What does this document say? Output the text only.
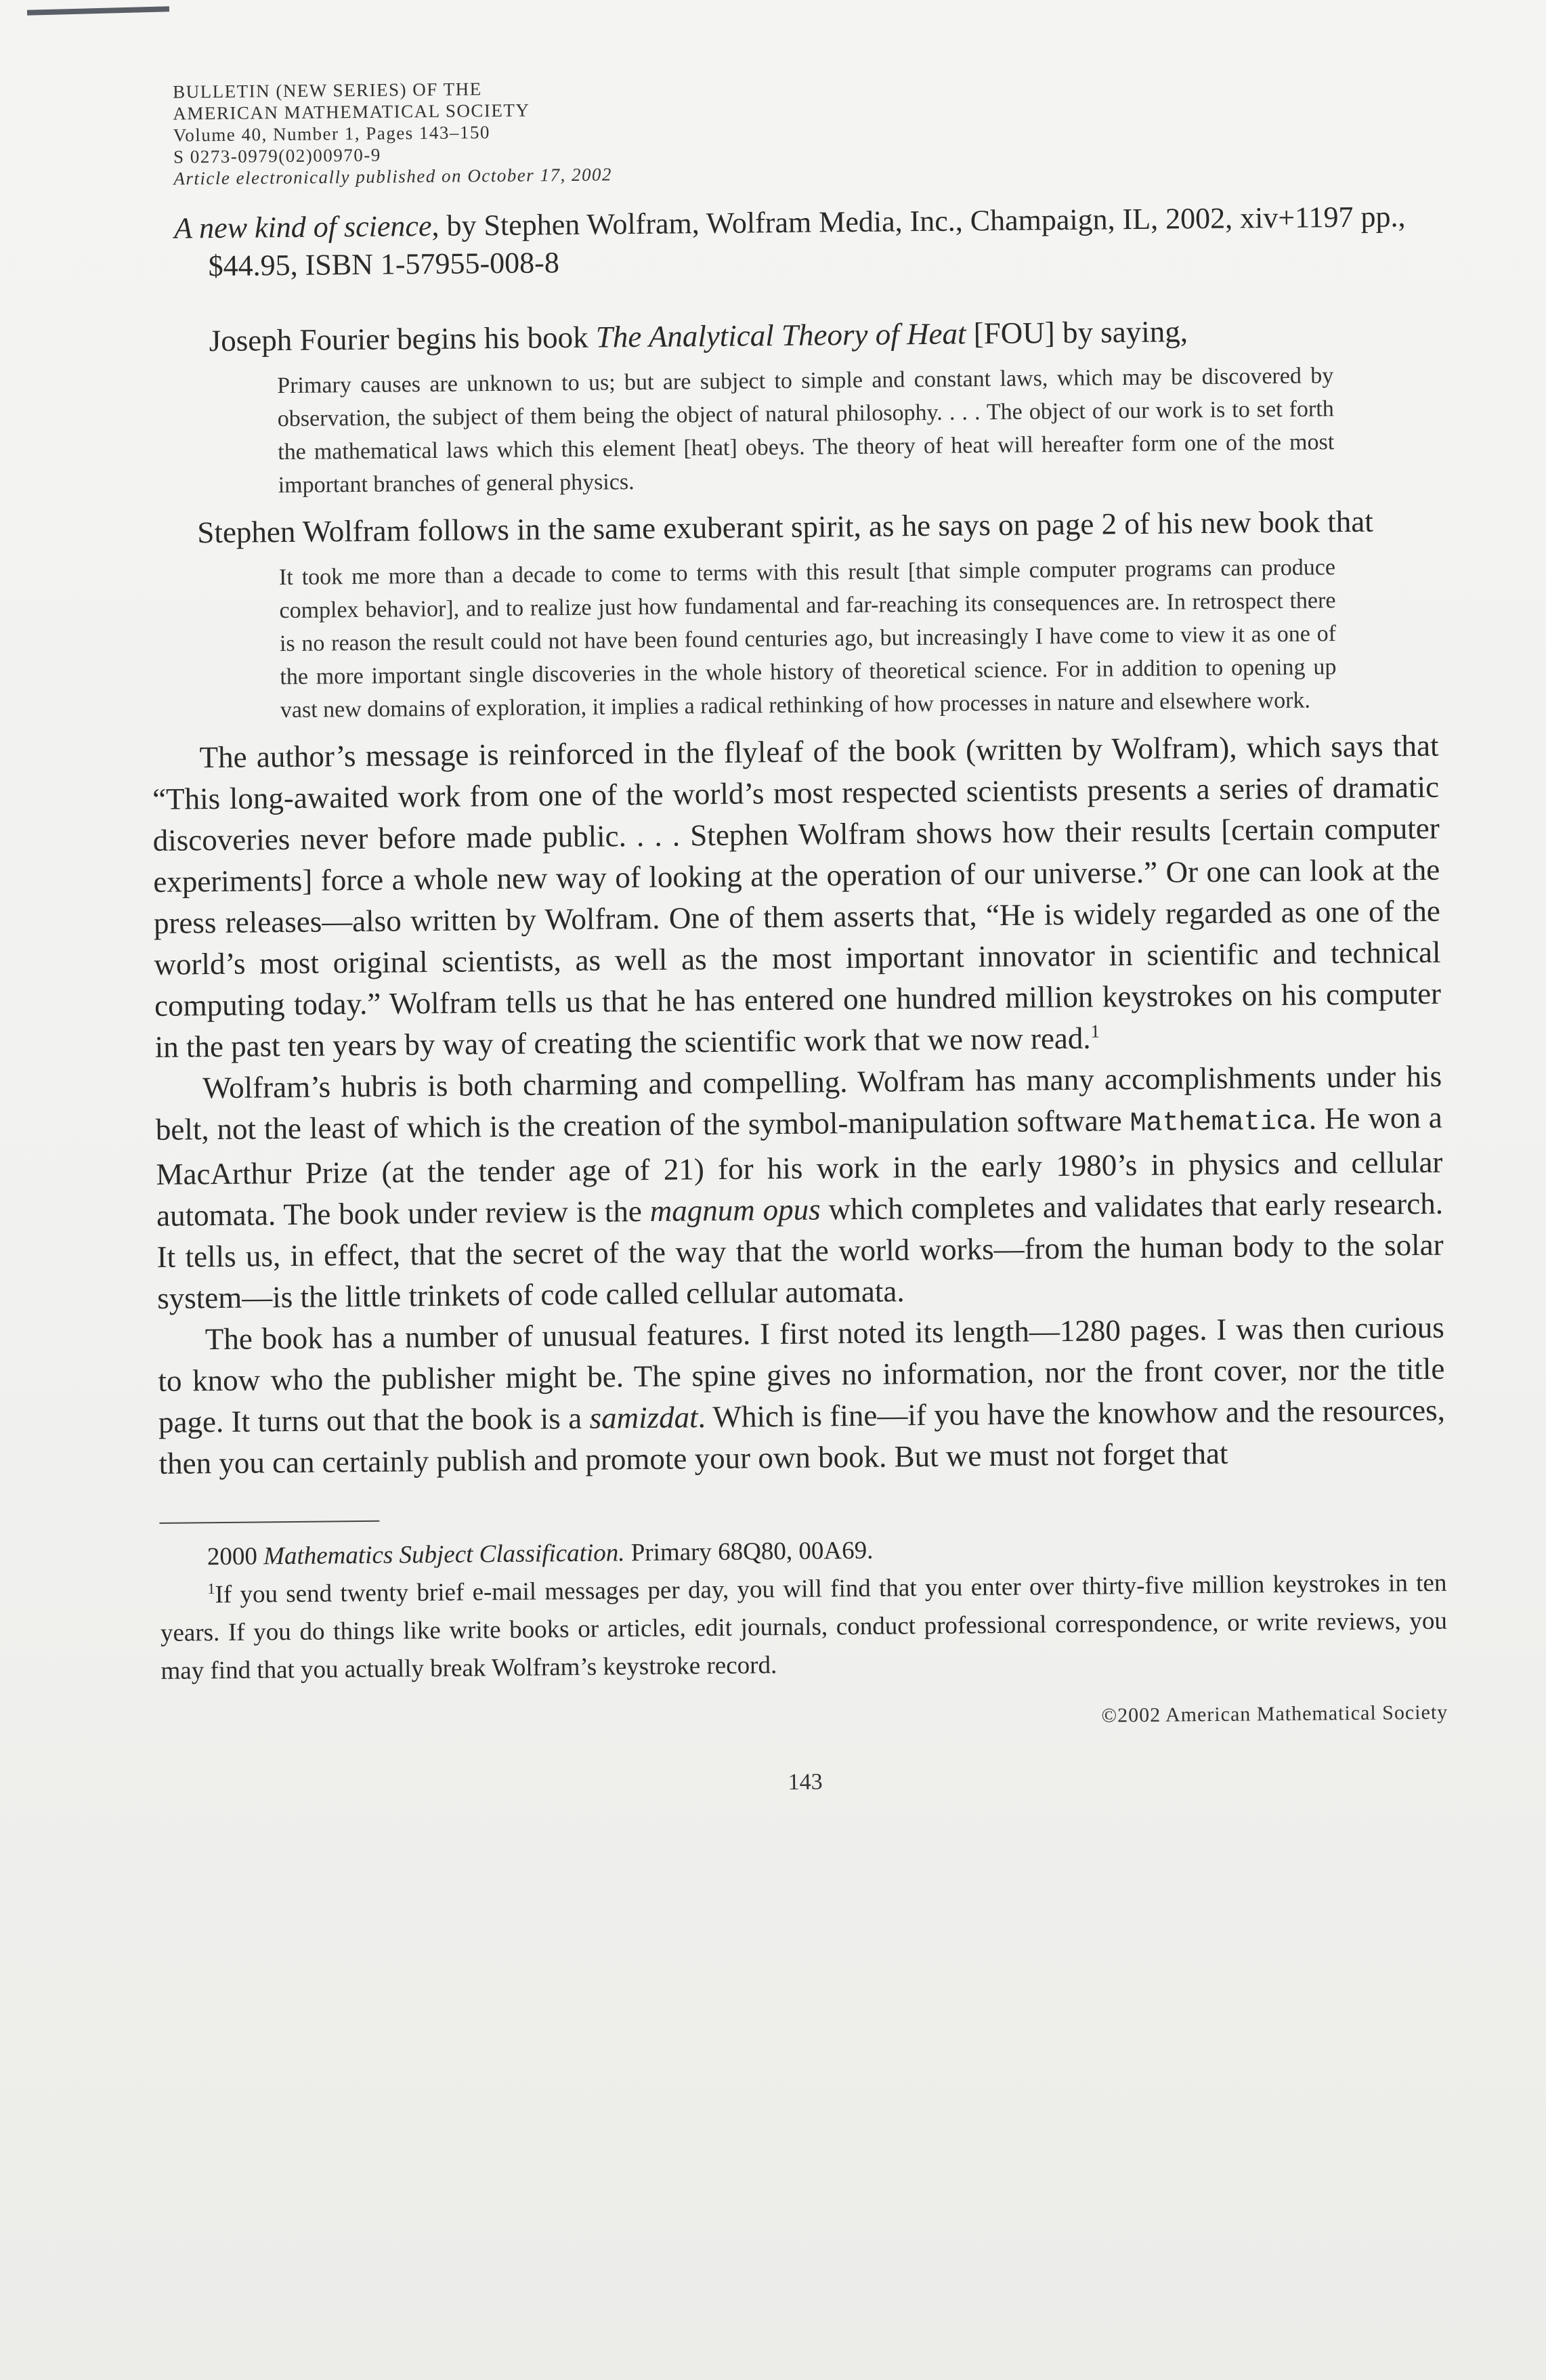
BULLETIN (NEW SERIES) OF THE
AMERICAN MATHEMATICAL SOCIETY
Volume 40, Number 1, Pages 143–150
S 0273-0979(02)00970-9
Article electronically published on October 17, 2002
A new kind of science, by Stephen Wolfram, Wolfram Media, Inc., Champaign, IL, 2002, xiv+1197 pp., $44.95, ISBN 1-57955-008-8

Joseph Fourier begins his book The Analytical Theory of Heat [FOU] by saying,

Primary causes are unknown to us; but are subject to simple and constant laws, which may be discovered by observation, the subject of them being the object of natural philosophy. . . . The object of our work is to set forth the mathematical laws which this element [heat] obeys. The theory of heat will hereafter form one of the most important branches of general physics.

Stephen Wolfram follows in the same exuberant spirit, as he says on page 2 of his new book that

It took me more than a decade to come to terms with this result [that simple computer programs can produce complex behavior], and to realize just how fundamental and far-reaching its consequences are. In retrospect there is no reason the result could not have been found centuries ago, but increasingly I have come to view it as one of the more important single discoveries in the whole history of theoretical science. For in addition to opening up vast new domains of exploration, it implies a radical rethinking of how processes in nature and elsewhere work.

The author’s message is reinforced in the flyleaf of the book (written by Wolfram), which says that “This long-awaited work from one of the world’s most respected scientists presents a series of dramatic discoveries never before made public. . . . Stephen Wolfram shows how their results [certain computer experiments] force a whole new way of looking at the operation of our universe.” Or one can look at the press releases—also written by Wolfram. One of them asserts that, “He is widely regarded as one of the world’s most original scientists, as well as the most important innovator in scientific and technical computing today.” Wolfram tells us that he has entered one hundred million keystrokes on his computer in the past ten years by way of creating the scientific work that we now read.$^1$

Wolfram’s hubris is both charming and compelling. Wolfram has many accomplishments under his belt, not the least of which is the creation of the symbol-manipulation software Mathematica. He won a MacArthur Prize (at the tender age of 21) for his work in the early 1980’s in physics and cellular automata. The book under review is the magnum opus which completes and validates that early research. It tells us, in effect, that the secret of the way that the world works—from the human body to the solar system—is the little trinkets of code called cellular automata.

The book has a number of unusual features. I first noted its length—1280 pages. I was then curious to know who the publisher might be. The spine gives no information, nor the front cover, nor the title page. It turns out that the book is a samizdat. Which is fine—if you have the knowhow and the resources, then you can certainly publish and promote your own book. But we must not forget that

2000 Mathematics Subject Classification. Primary 68Q80, 00A69.
$^1$If you send twenty brief e-mail messages per day, you will find that you enter over thirty-five million keystrokes in ten years. If you do things like write books or articles, edit journals, conduct professional correspondence, or write reviews, you may find that you actually break Wolfram’s keystroke record.
©2002 American Mathematical Society
143
